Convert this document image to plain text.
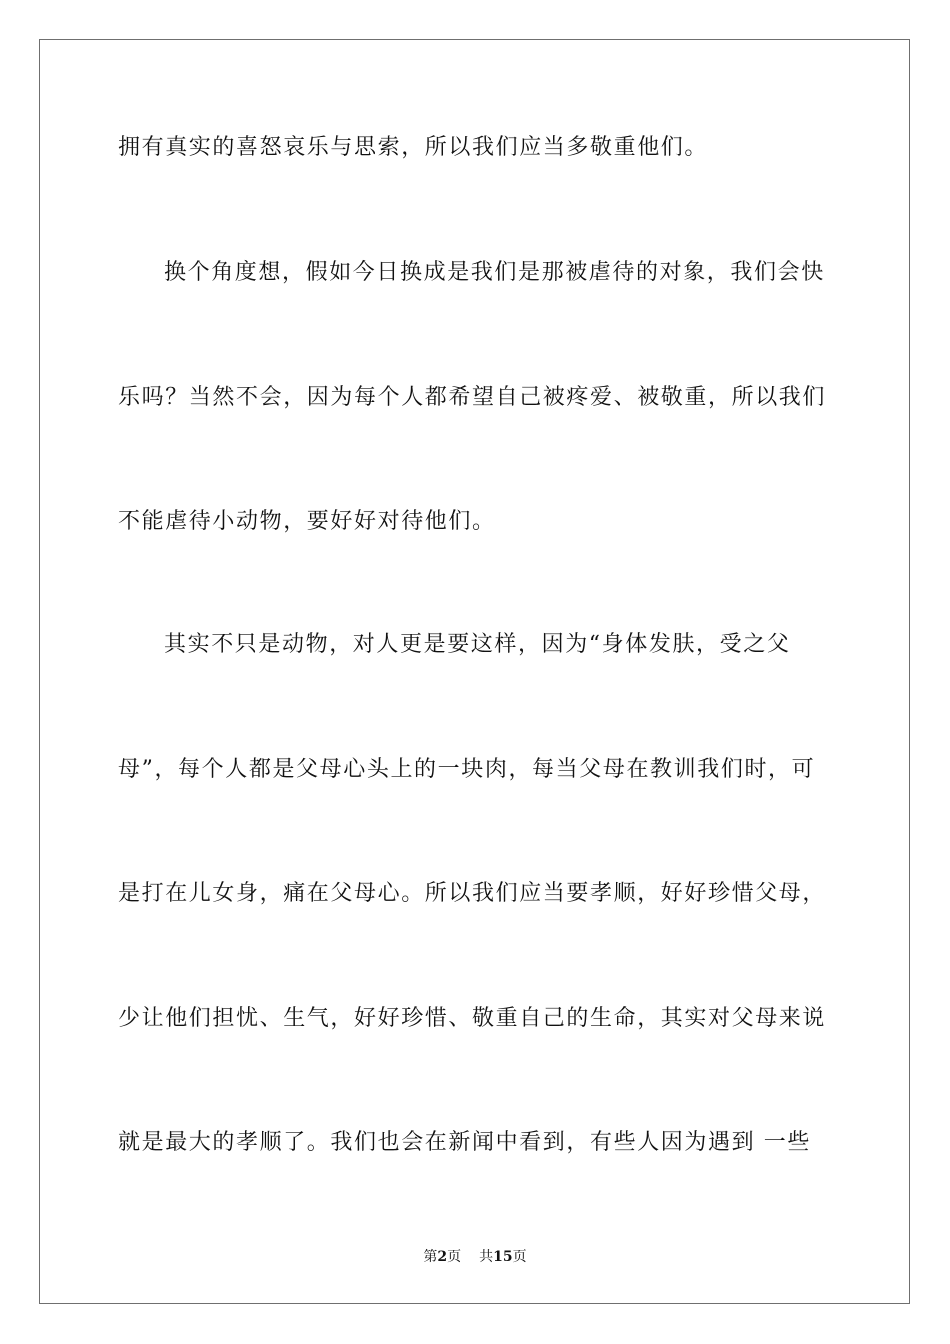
拥有真实的喜怒哀乐与思索，所以我们应当多敬重他们。
换个角度想，假如今日换成是我们是那被虐待的对象，我们会快
乐吗？当然不会，因为每个人都希望自己被疼爱、被敬重，所以我们
不能虐待小动物，要好好对待他们。
其实不只是动物，对人更是要这样，因为“身体发肤，受之父
母”，每个人都是父母心头上的一块肉，每当父母在教训我们时，可
是打在儿女身，痛在父母心。所以我们应当要孝顺，好好珍惜父母，
少让他们担忧、生气，好好珍惜、敬重自己的生命，其实对父母来说
就是最大的孝顺了。我们也会在新闻中看到，有些人因为遇到 一些
第2页 共15页
